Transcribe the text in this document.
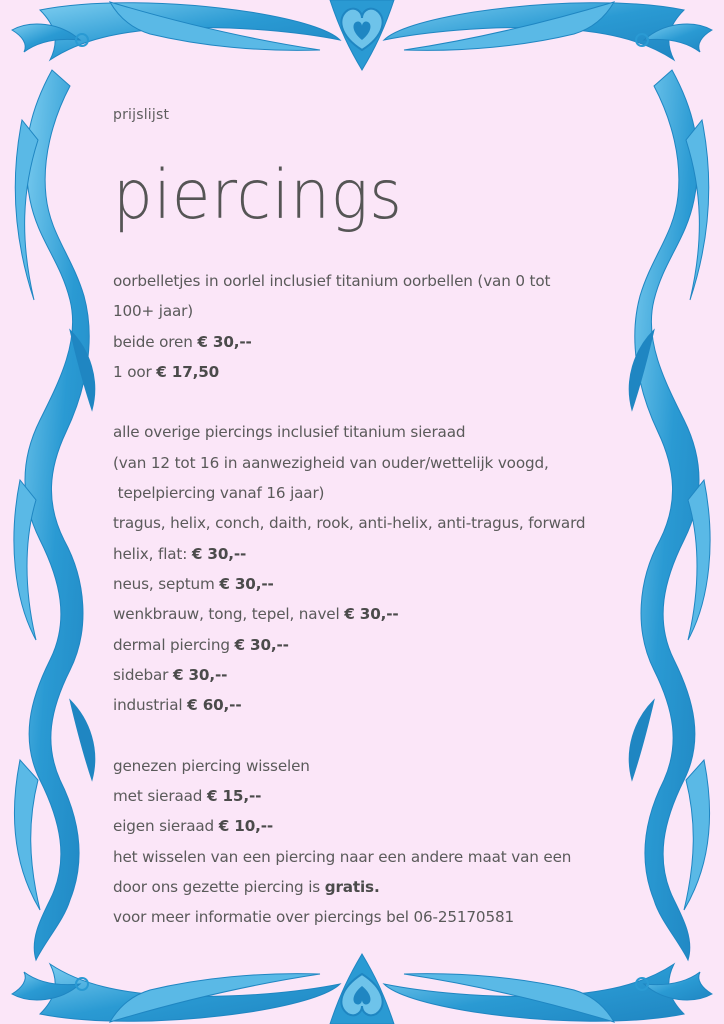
prijslijst
piercings
oorbelletjes in oorlel inclusief titanium oorbellen (van 0 tot
100+ jaar)
beide oren € 30,--
1 oor € 17,50
alle overige piercings inclusief titanium sieraad
(van 12 tot 16 in aanwezigheid van ouder/wettelijk voogd,
tepelpiercing vanaf 16 jaar)
tragus, helix, conch, daith, rook, anti-helix, anti-tragus, forward
helix, flat: € 30,--
neus, septum € 30,--
wenkbrauw, tong, tepel, navel € 30,--
dermal piercing € 30,--
sidebar € 30,--
industrial € 60,--
genezen piercing wisselen
met sieraad € 15,--
eigen sieraad € 10,--
het wisselen van een piercing naar een andere maat van een
door ons gezette piercing is gratis.
voor meer informatie over piercings bel 06-25170581
